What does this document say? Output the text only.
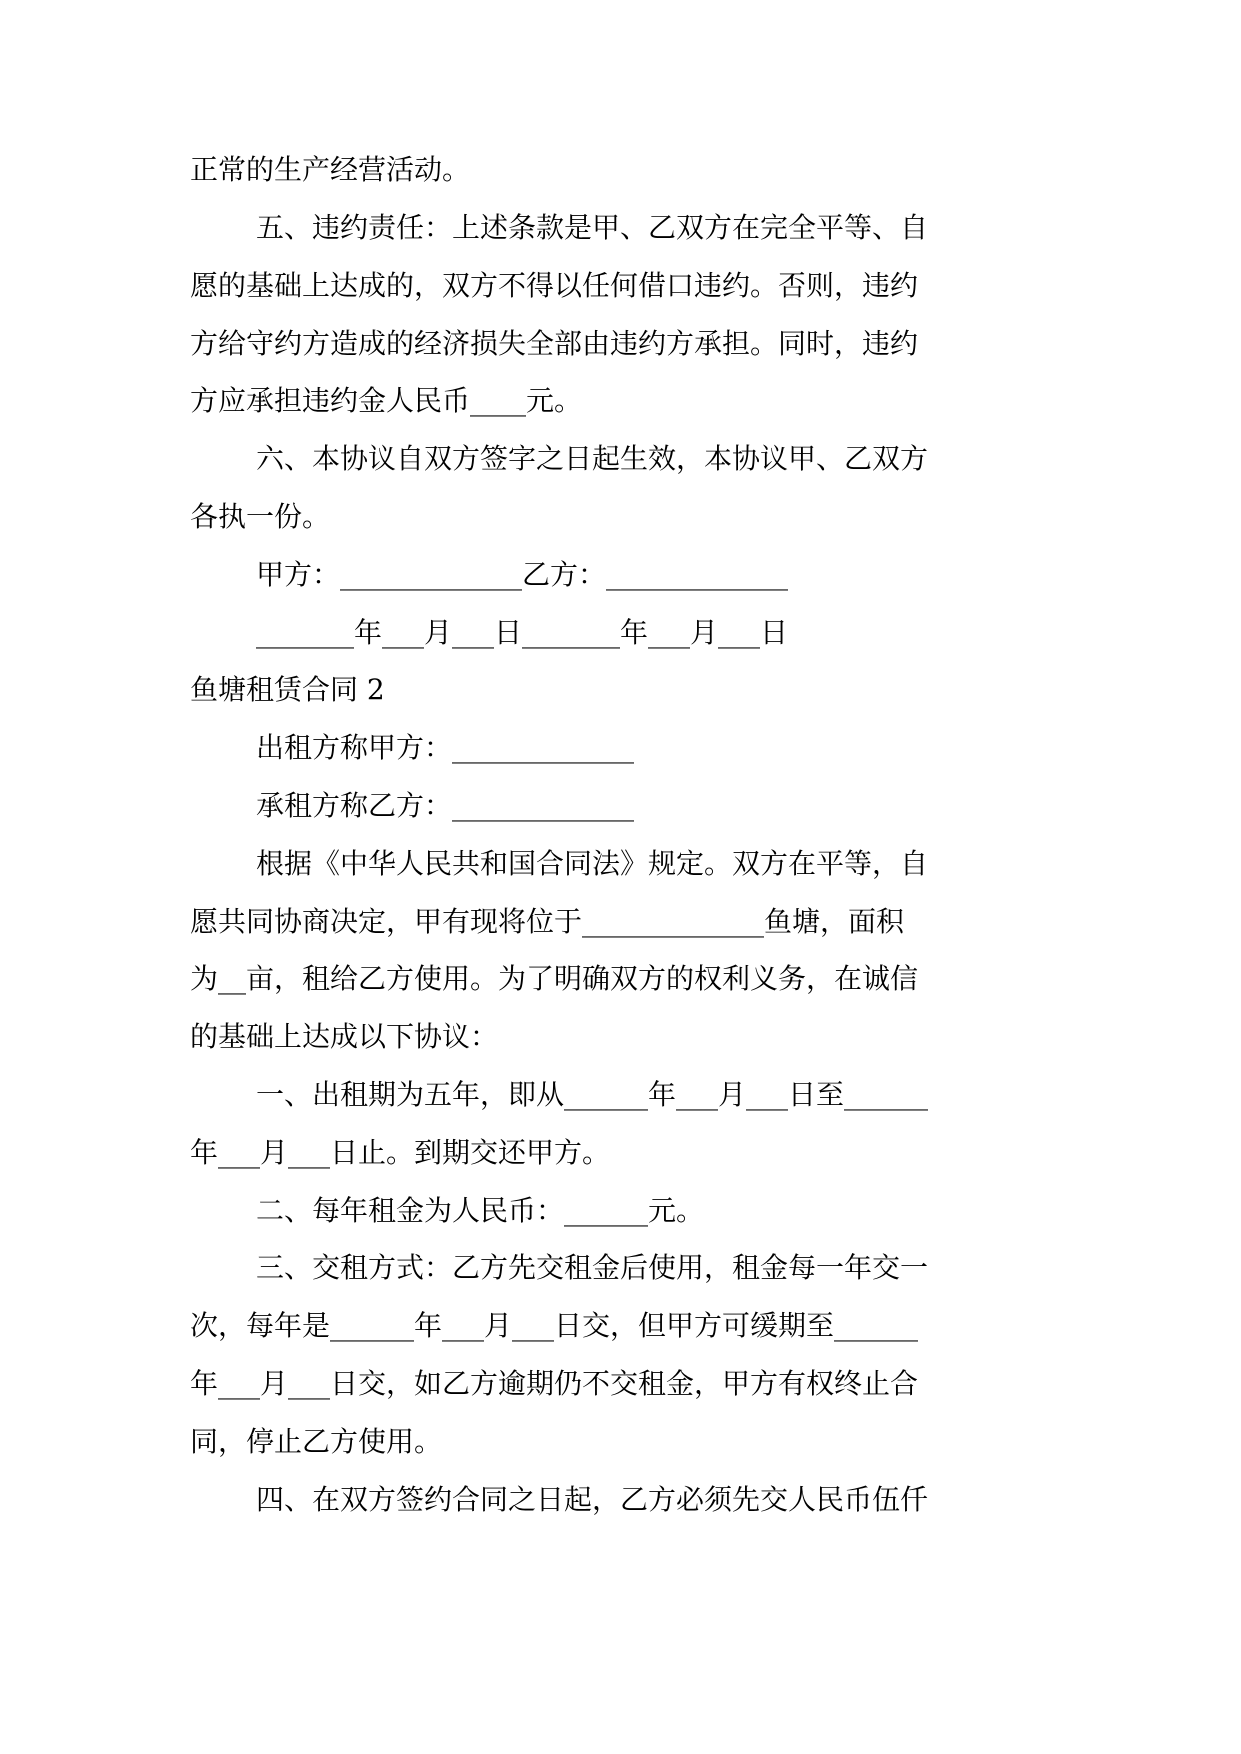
正常的生产经营活动。
五、违约责任：上述条款是甲、乙双方在完全平等、自
愿的基础上达成的，双方不得以任何借口违约。否则，违约
方给守约方造成的经济损失全部由违约方承担。同时，违约
方应承担违约金人民币____元。
六、本协议自双方签字之日起生效，本协议甲、乙双方
各执一份。
甲方：_____________乙方：_____________
_______年___月___日_______年___月___日
鱼塘租赁合同 2
出租方称甲方：_____________
承租方称乙方：_____________
根据《中华人民共和国合同法》规定。双方在平等，自
愿共同协商决定，甲有现将位于_____________鱼塘，面积
为__亩，租给乙方使用。为了明确双方的权利义务，在诚信
的基础上达成以下协议：
一、出租期为五年，即从______年___月___日至______
年___月___日止。到期交还甲方。
二、每年租金为人民币：______元。
三、交租方式：乙方先交租金后使用，租金每一年交一
次，每年是______年___月___日交，但甲方可缓期至______
年___月___日交，如乙方逾期仍不交租金，甲方有权终止合
同，停止乙方使用。
四、在双方签约合同之日起，乙方必须先交人民币伍仟
